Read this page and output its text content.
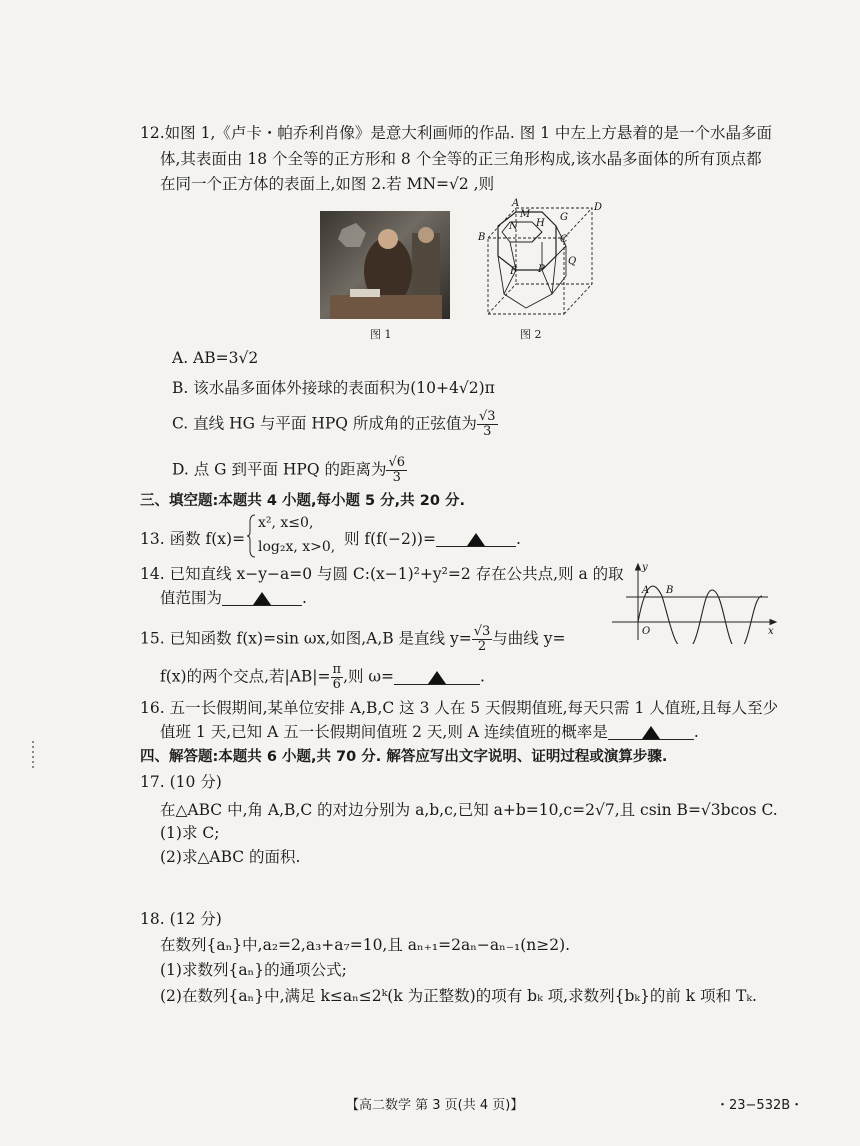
12.如图 1,《卢卡・帕乔利肖像》是意大利画师的作品. 图 1 中左上方悬着的是一个水晶多面
体,其表面由 18 个全等的正方形和 8 个全等的正三角形构成,该水晶多面体的所有顶点都
在同一个正方体的表面上,如图 2.若 MN=√2 ,则
图 1
A
M
N H
G
D
B	C
Q
F P
图 2
A. AB=3√2
B. 该水晶多面体外接球的表面积为(10+4√2)π
C. 直线 HG 与平面 HPQ 所成角的正弦值为 $\frac{√3}{3}$
D. 点 G 到平面 HPQ 的距离为 $\frac{√6}{3}$
三、填空题:本题共 4 小题,每小题 5 分,共 20 分.
13. 函数 f(x)=
x², x≤0,
log₂x, x>0, 则 f(f(−2))=	.
14. 已知直线 x−y−a=0 与圆 C:(x−1)²+y²=2 存在公共点,则 a 的取
值范围为	.
y
A B
O	x
15. 已知函数 f(x)=sin ωx,如图,A,B 是直线 $y= \frac{√3}{2}$ 与曲线 y=
f(x)的两个交点,若$|AB|= \frac{\pi}{6}$ ,则 ω=	.
16. 五一长假期间,某单位安排 A,B,C 这 3 人在 5 天假期值班,每天只需 1 人值班,且每人至少
值班 1 天,已知 A 五一长假期间值班 2 天,则 A 连续值班的概率是	.
四、解答题:本题共 6 小题,共 70 分. 解答应写出文字说明、证明过程或演算步骤.
17. (10 分)
在△ABC 中,角 A,B,C 的对边分别为 a,b,c,已知 a+b=10,c=2√7,且 csin B=√3bcos C.
(1)求 C;
(2)求△ABC 的面积.
18. (12 分)
在数列{aₙ}中,a₂=2,a₃+a₇=10,且 aₙ₊₁=2aₙ−aₙ₋₁(n≥2).
(1)求数列{aₙ}的通项公式;
(2)在数列{aₙ}中,满足 k≤aₙ≤2ᵏ(k 为正整数)的项有 bₖ 项,求数列{bₖ}的前 k 项和 Tₖ.
【高二数学 第 3 页(共 4 页)】	・23−532B・
